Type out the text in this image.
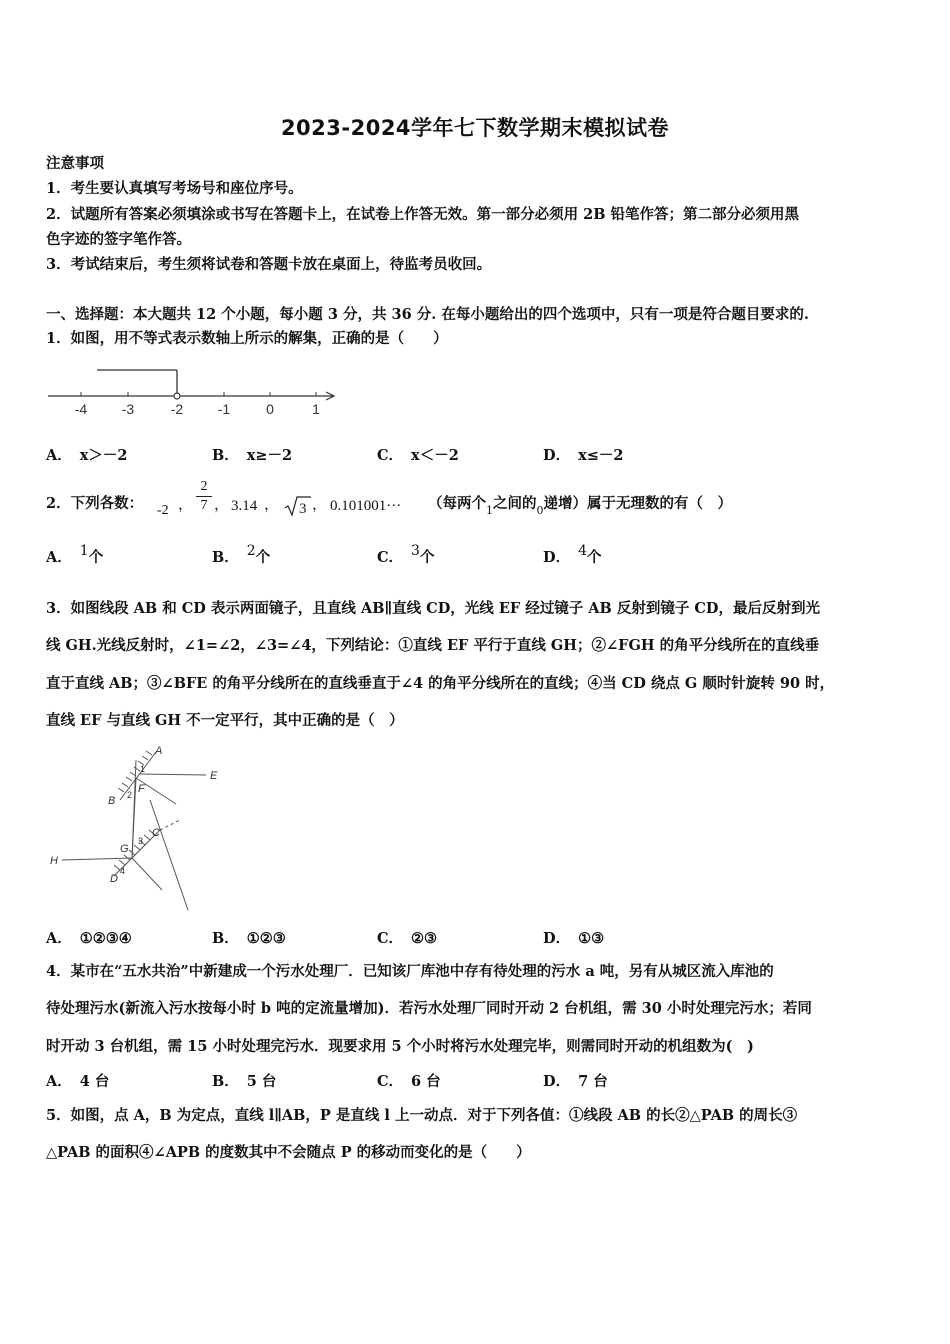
2023-2024学年七下数学期末模拟试卷
注意事项
1．考生要认真填写考场号和座位序号。
2．试题所有答案必须填涂或书写在答题卡上，在试卷上作答无效。第一部分必须用 2B 铅笔作答；第二部分必须用黑
色字迹的签字笔作答。
3．考试结束后，考生须将试卷和答题卡放在桌面上，待监考员收回。
一、选择题：本大题共 12 个小题，每小题 3 分，共 36 分. 在每小题给出的四个选项中，只有一项是符合题目要求的.
1．如图，用不等式表示数轴上所示的解集，正确的是（　　）
-4 -3	-2 -1	0	1
A． x＞－2	B． x≥－2	C． x＜－2	D． x≤－2
2．下列各数： -2 ，
2
7 ， 3.14 ， 3 ， 0.101001··· （每两个$_1$之间的$_0$递增）属于无理数的有（　）
A． 1个	B． 2个	C． 3个	D． 4个
3．如图线段 AB 和 CD 表示两面镜子，且直线 AB∥直线 CD，光线 EF 经过镜子 AB 反射到镜子 CD，最后反射到光
线 GH.光线反射时，∠1=∠2，∠3=∠4，下列结论：①直线 EF 平行于直线 GH；②∠FGH 的角平分线所在的直线垂
直于直线 AB；③∠BFE 的角平分线所在的直线垂直于∠4 的角平分线所在的直线；④当 CD 绕点 G 顺时针旋转 90 时，
直线 EF 与直线 GH 不一定平行，其中正确的是（　）
A
E
B
F
1
2
C
H
G
3
4
D
A． ①②③④	B． ①②③	C． ②③	D． ①③
4．某市在“五水共治”中新建成一个污水处理厂．已知该厂库池中存有待处理的污水 a 吨，另有从城区流入库池的
待处理污水(新流入污水按每小时 b 吨的定流量增加)．若污水处理厂同时开动 2 台机组，需 30 小时处理完污水；若同
时开动 3 台机组，需 15 小时处理完污水．现要求用 5 个小时将污水处理完毕，则需同时开动的机组数为(　)
A． 4 台	B． 5 台	C． 6 台	D． 7 台
5．如图，点 A，B 为定点，直线 l∥AB，P 是直线 l 上一动点．对于下列各值：①线段 AB 的长②△PAB 的周长③
△PAB 的面积④∠APB 的度数其中不会随点 P 的移动而变化的是（　　）
